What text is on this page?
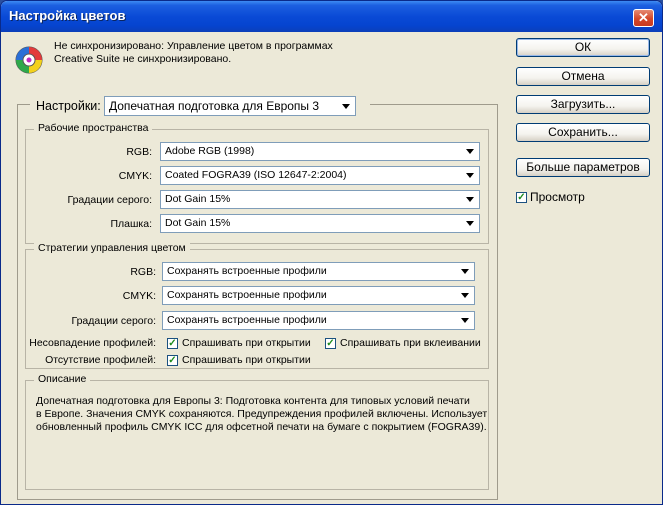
Настройка цветов	✕
Не синхронизировано: Управление цветом в программах
Creative Suite не синхронизировано.
ОК
Отмена
Загрузить...
Сохранить...
Больше параметров
✓ Просмотр
Настройки: Допечатная подготовка для Европы 3
Рабочие пространства
RGB:	Adobe RGB (1998)
CMYK:	Coated FOGRA39 (ISO 12647-2:2004)
Градации серого:	Dot Gain 15%
Плашка:	Dot Gain 15%
Стратегии управления цветом
RGB:	Сохранять встроенные профили
CMYK:	Сохранять встроенные профили
Градации серого:	Сохранять встроенные профили
Несовпадение профилей: ✓ Спрашивать при открытии ✓ Спрашивать при вклеивании
Отсутствие профилей: ✓ Спрашивать при открытии
Описание
Допечатная подготовка для Европы 3: Подготовка контента для типовых условий печати
в Европе. Значения CMYK сохраняются. Предупреждения профилей включены. Использует
обновленный профиль CMYK ICC для офсетной печати на бумаге с покрытием (FOGRA39).
